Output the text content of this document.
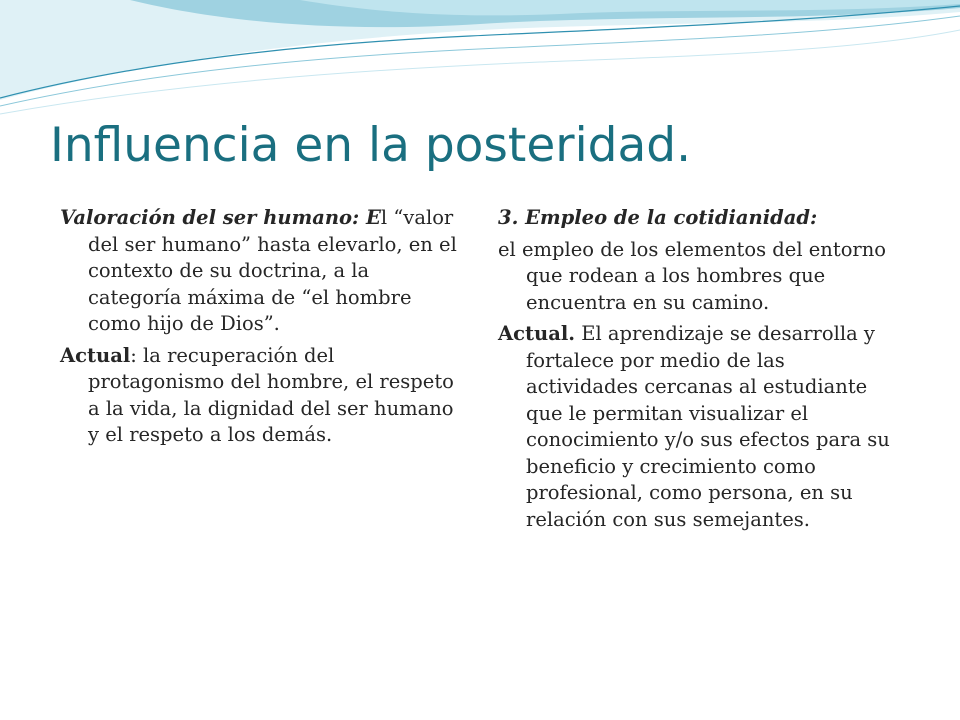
Influencia en la posteridad.

Valoración del ser humano: El “valor del ser humano” hasta elevarlo, en el contexto de su doctrina, a la categoría máxima de “el hombre como hijo de Dios”.

Actual: la recuperación del protagonismo del hombre, el respeto a la vida, la dignidad del ser humano y el respeto a los demás.

3. Empleo de la cotidianidad:

el empleo de los elementos del entorno que rodean a los hombres que encuentra en su camino.

Actual. El aprendizaje se desarrolla y fortalece por medio de las actividades cercanas al estudiante que le permitan visualizar el conocimiento y/o sus efectos para su beneficio y crecimiento como profesional, como persona, en su relación con sus semejantes.
